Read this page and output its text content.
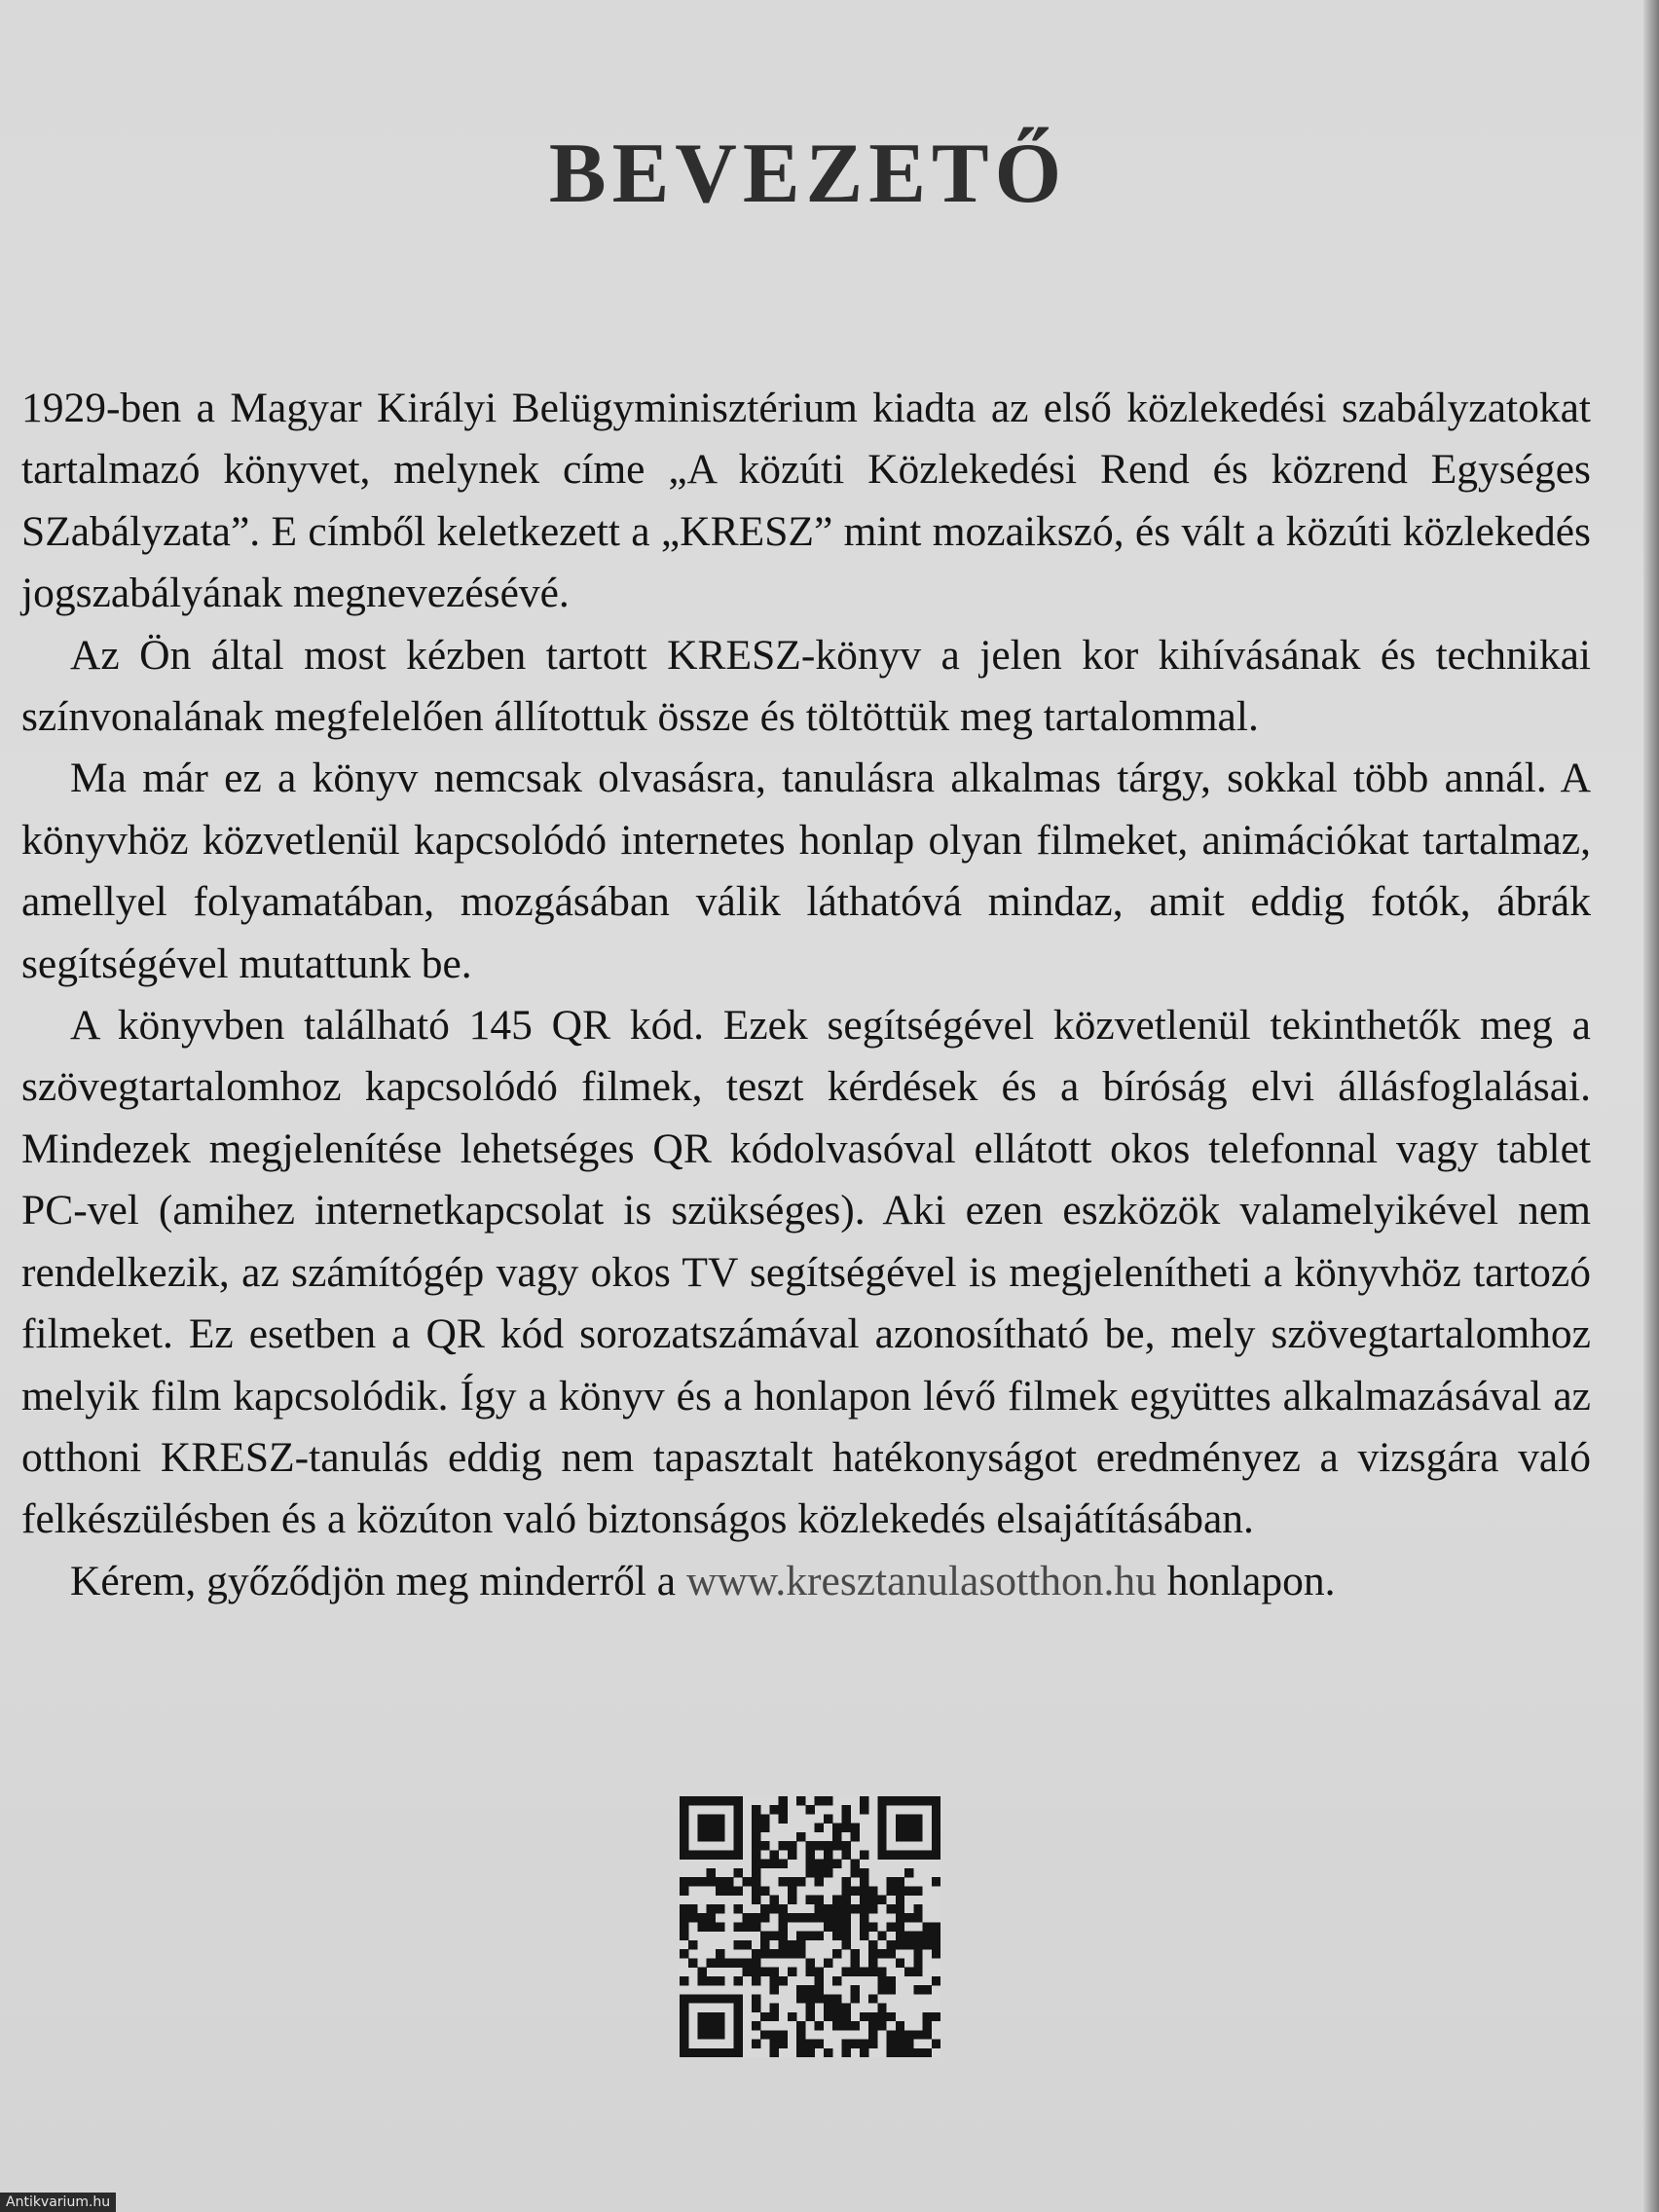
BEVEZETŐ

1929-ben a Magyar Királyi Belügyminisztérium kiadta az első közlekedési szabályzatokat tartalmazó könyvet, melynek címe „A közúti Közlekedési Rend és közrend Egységes SZabályzata”. E címből keletkezett a „KRESZ” mint mozaikszó, és vált a közúti közlekedés jogszabályának megnevezésévé.

Az Ön által most kézben tartott KRESZ-könyv a jelen kor kihívásának és technikai színvonalának megfelelően állítottuk össze és töltöttük meg tartalommal.

Ma már ez a könyv nemcsak olvasásra, tanulásra alkalmas tárgy, sokkal több annál. A könyvhöz közvetlenül kapcsolódó internetes honlap olyan filmeket, animációkat tartalmaz, amellyel folyamatában, mozgásában válik láthatóvá mindaz, amit eddig fotók, ábrák segítségével mutattunk be.

A könyvben található 145 QR kód. Ezek segítségével közvetlenül tekinthetők meg a szövegtartalomhoz kapcsolódó filmek, teszt kérdések és a bíróság elvi állásfoglalásai. Mindezek megjelenítése lehetséges QR kódolvasóval ellátott okos telefonnal vagy tablet PC-vel (amihez internetkapcsolat is szükséges). Aki ezen eszközök valamelyikével nem rendelkezik, az számítógép vagy okos TV segítségével is megjelenítheti a könyvhöz tartozó filmeket. Ez esetben a QR kód sorozatszámával azonosítható be, mely szövegtartalomhoz melyik film kapcsolódik. Így a könyv és a honlapon lévő filmek együttes alkalmazásával az otthoni KRESZ-tanulás eddig nem tapasztalt hatékonyságot eredményez a vizsgára való felkészülésben és a közúton való biztonságos közlekedés elsajátításában.

Kérem, győződjön meg minderről a www.kresztanulasotthon.hu honlapon.

Antikvarium.hu
